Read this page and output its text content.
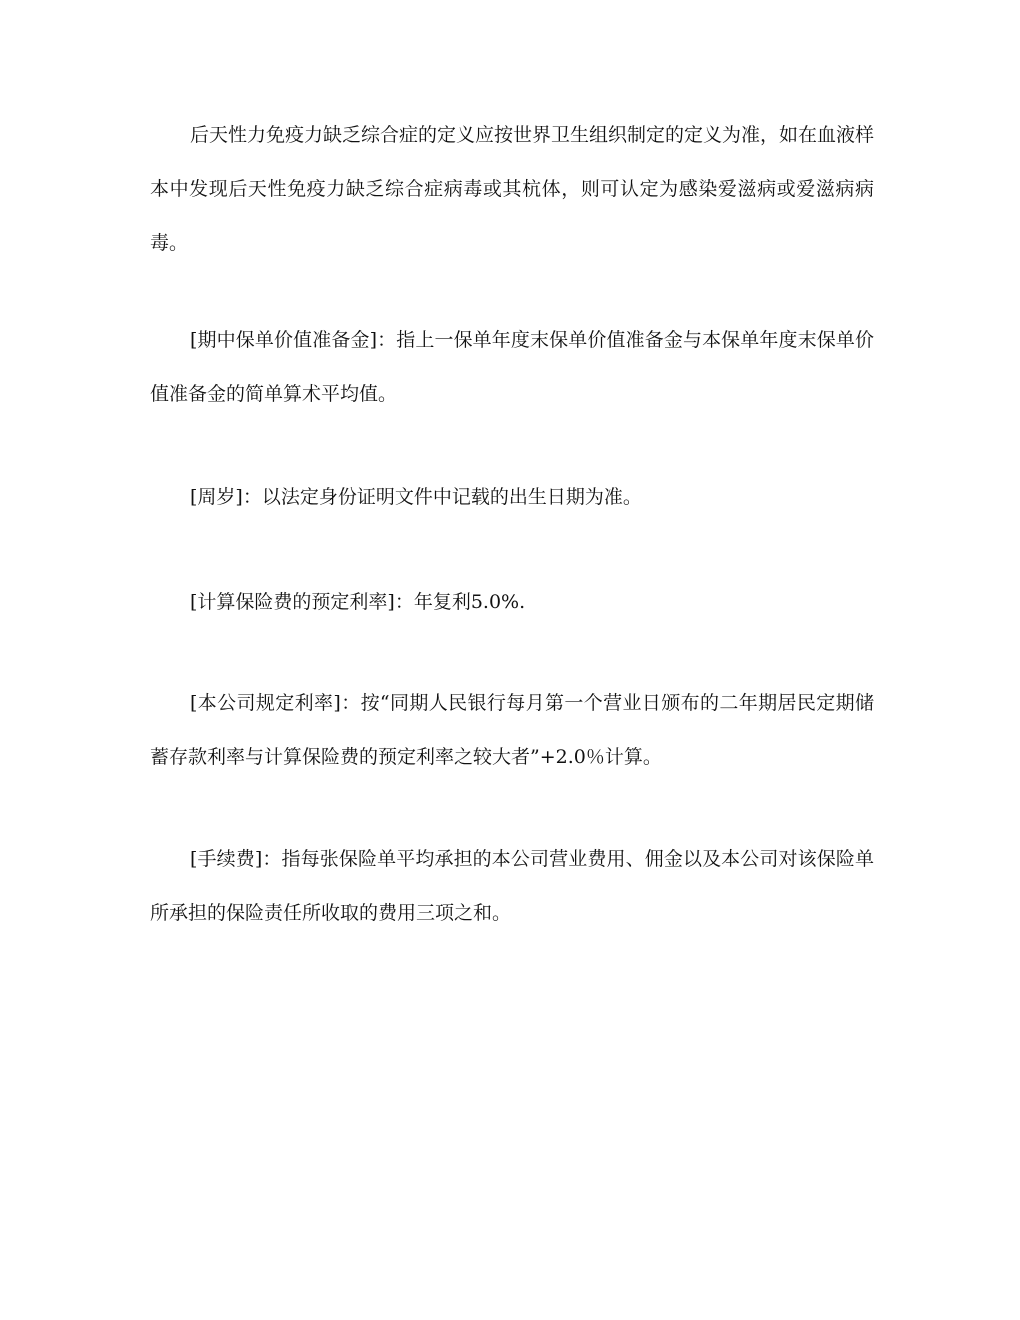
后天性力免疫力缺乏综合症的定义应按世界卫生组织制定的定义为准，如在血液样本中发现后天性免疫力缺乏综合症病毒或其杭体，则可认定为感染爱滋病或爱滋病病毒。

[期中保单价值准备金]：指上一保单年度末保单价值准备金与本保单年度末保单价值准备金的简单算术平均值。

[周岁]：以法定身份证明文件中记载的出生日期为准。

[计算保险费的预定利率]：年复利5.0%.

[本公司规定利率]：按“同期人民银行每月第一个营业日颁布的二年期居民定期储蓄存款利率与计算保险费的预定利率之较大者”+2.0％计算。

[手续费]：指每张保险单平均承担的本公司营业费用、佣金以及本公司对该保险单所承担的保险责任所收取的费用三项之和。
